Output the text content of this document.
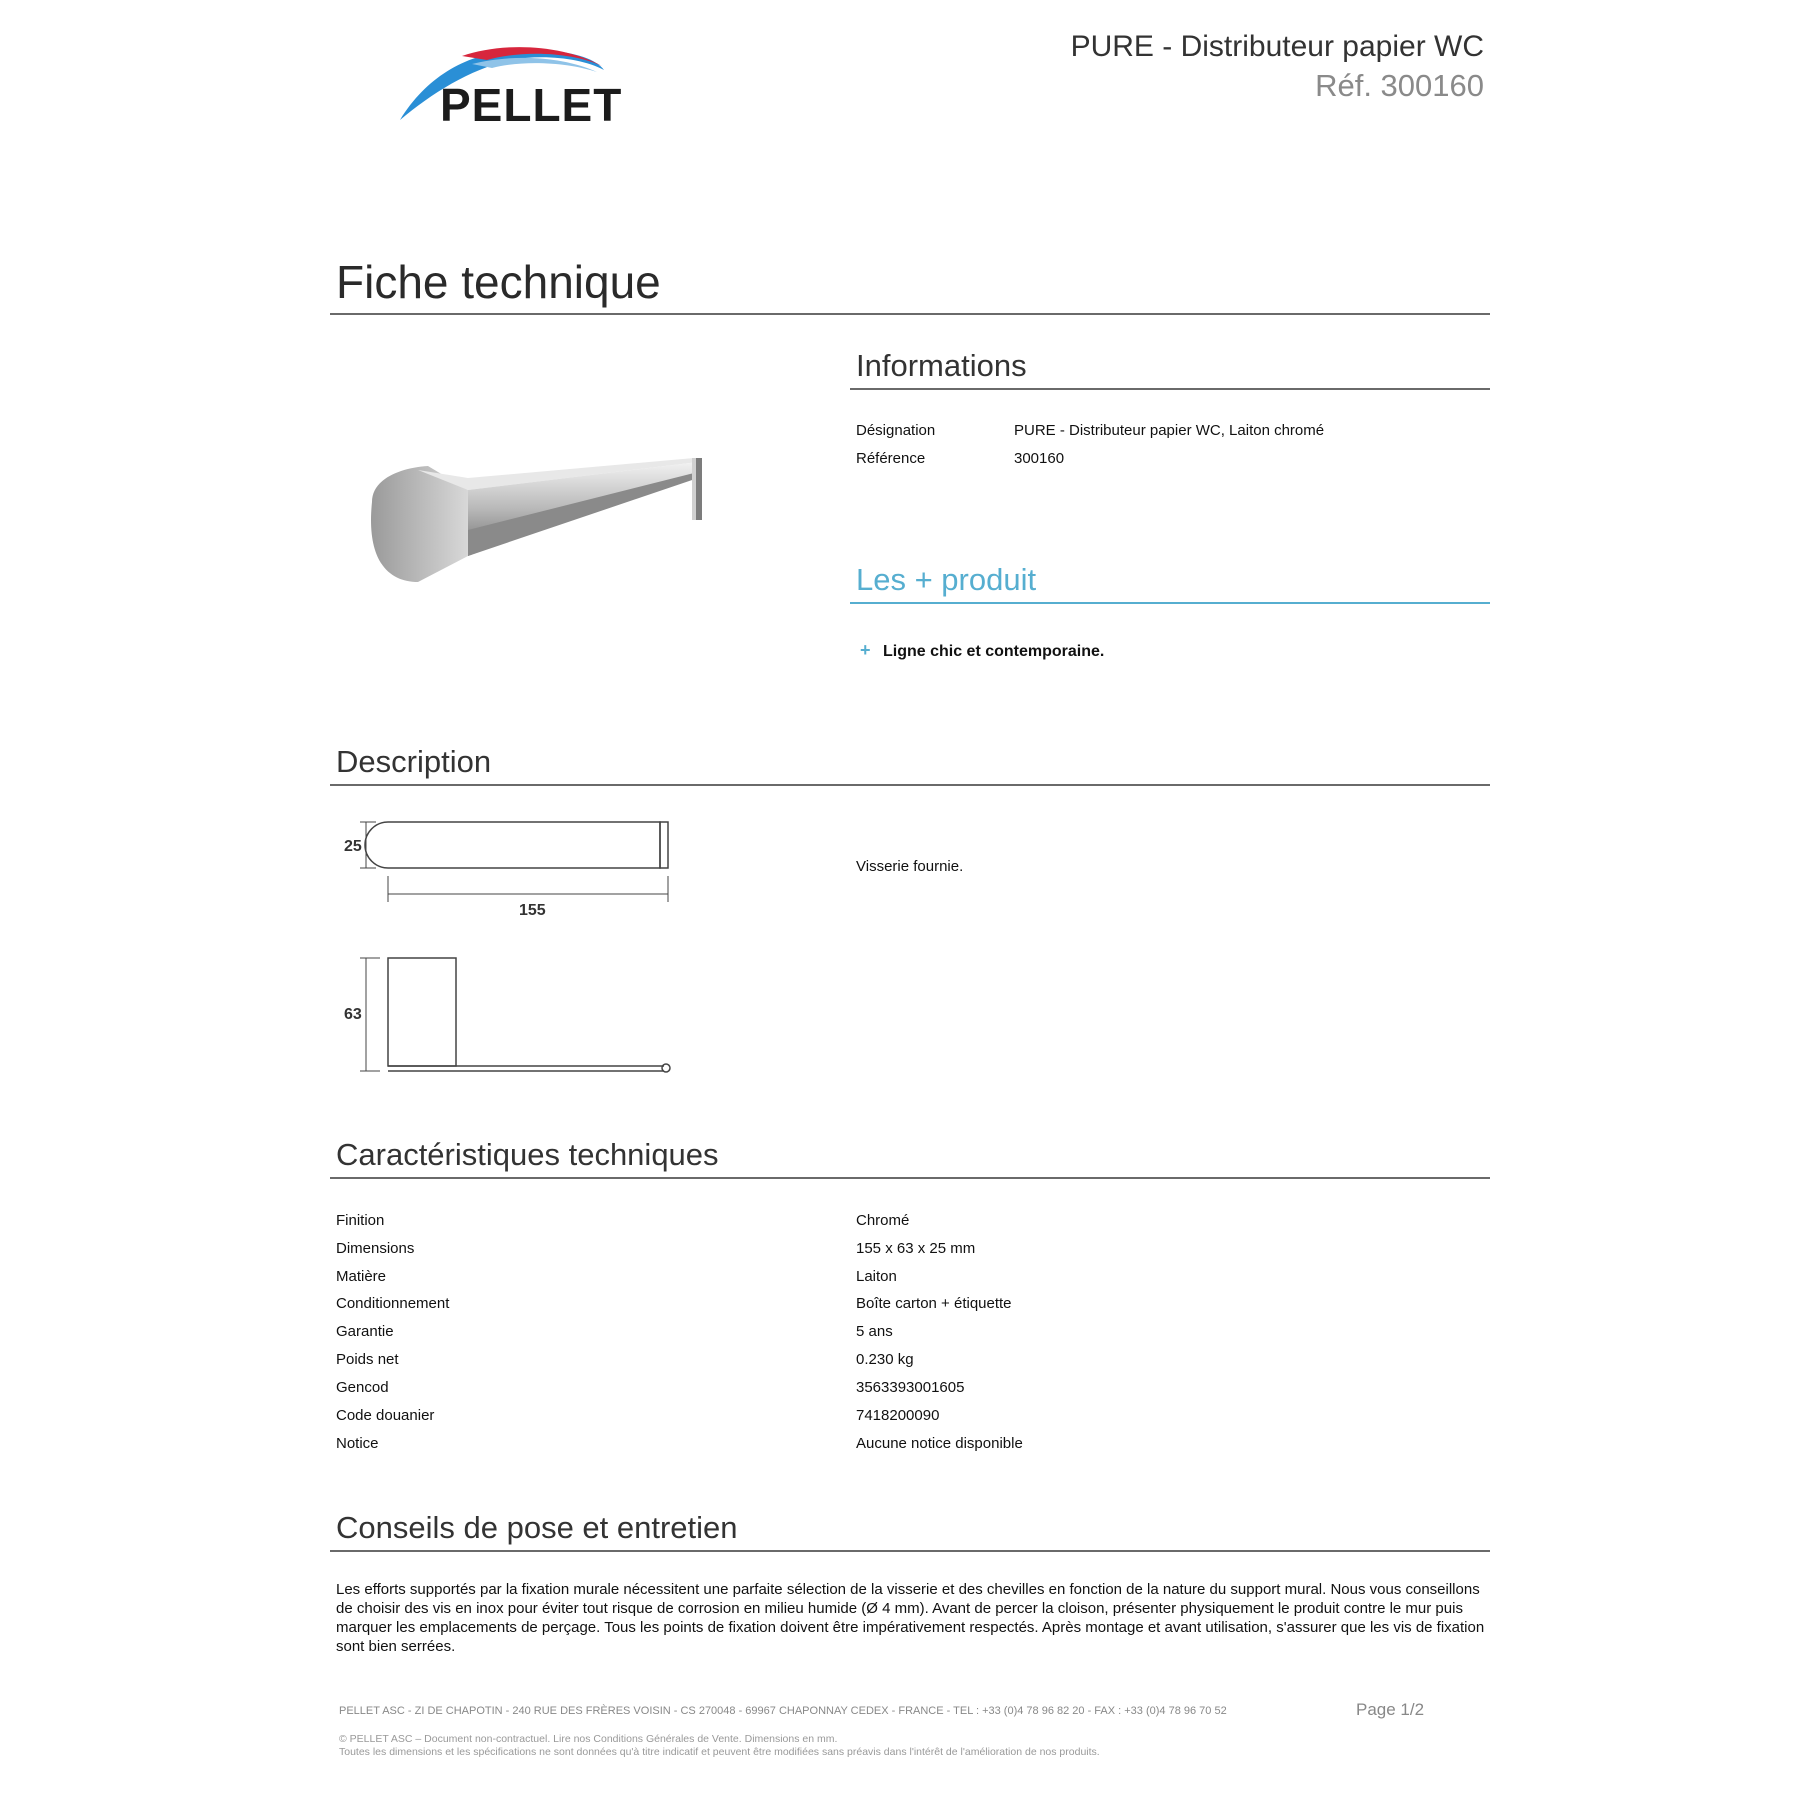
PELLET
PURE - Distributeur papier WC
Réf. 300160
Fiche technique
Informations
Désignation	PURE - Distributeur papier WC, Laiton chromé
Référence	300160
Les + produit
+ Ligne chic et contemporaine.
Description
25
155
63
Visserie fournie.
Caractéristiques techniques
Finition	Chromé
Dimensions	155 x 63 x 25 mm
Matière	Laiton
Conditionnement	Boîte carton + étiquette
Garantie	5 ans
Poids net	0.230 kg
Gencod	3563393001605
Code douanier	7418200090
Notice	Aucune notice disponible
Conseils de pose et entretien
Les efforts supportés par la fixation murale nécessitent une parfaite sélection de la visserie et des chevilles en fonction de la nature du support mural. Nous vous conseillons de choisir des vis en inox pour éviter tout risque de corrosion en milieu humide (Ø 4 mm). Avant de percer la cloison, présenter physiquement le produit contre le mur puis marquer les emplacements de perçage. Tous les points de fixation doivent être impérativement respectés. Après montage et avant utilisation, s'assurer que les vis de fixation sont bien serrées.
PELLET ASC - ZI DE CHAPOTIN - 240 RUE DES FRÈRES VOISIN - CS 270048 - 69967 CHAPONNAY CEDEX - FRANCE - TEL : +33 (0)4 78 96 82 20 - FAX : +33 (0)4 78 96 70 52	Page 1/2
© PELLET ASC – Document non-contractuel. Lire nos Conditions Générales de Vente. Dimensions en mm.
Toutes les dimensions et les spécifications ne sont données qu'à titre indicatif et peuvent être modifiées sans préavis dans l'intérêt de l'amélioration de nos produits.
